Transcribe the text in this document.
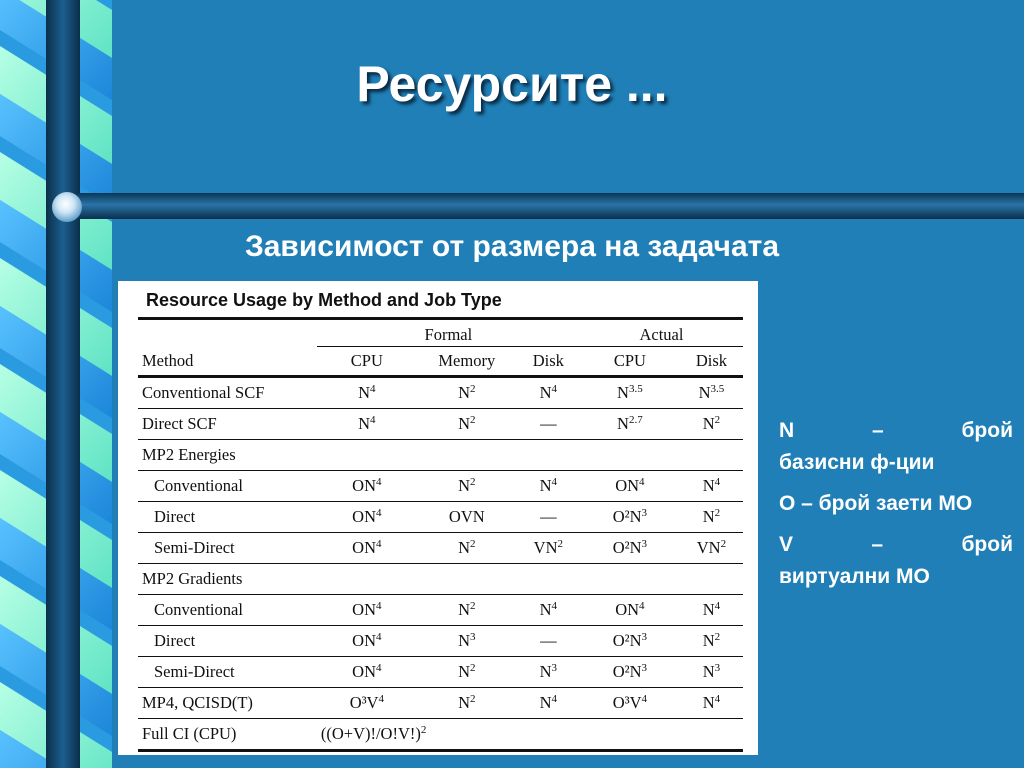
Ресурсите ...
Зависимост от размера на задачата
Resource Usage by Method and Job Type
	Formal			Actual	
Method	CPU	Memory	Disk	CPU	Disk
Conventional SCF	$N^4$	$N^2$	$N^4$	$N^{3.5}$	$N^{3.5}$
Direct SCF	$N^4$	$N^2$	—	$N^{2.7}$	$N^2$
MP2 Energies					
Conventional	$ON^4$	$N^2$	$N^4$	$ON^4$	$N^4$
Direct	$ON^4$	OVN	—	$O^2N^3$	$N^2$
Semi-Direct	$ON^4$	$N^2$	$VN^2$	$O^2N^3$	$VN^2$
MP2 Gradients					
Conventional	$ON^4$	$N^2$	$N^4$	$ON^4$	$N^4$
Direct	$ON^4$	$N^3$	—	$O^2N^3$	$N^2$
Semi-Direct	$ON^4$	$N^2$	$N^3$	$O^2N^3$	$N^3$
MP4, QCISD(T)	$O^3V^4$	$N^2$	$N^4$	$O^3V^4$	$N^4$
Full CI (CPU)	$((O+V)!/O!V!)^2$

N	–	брой
базисни ф-ции

O – брой заети МО

V	–	брой
виртуални МО
